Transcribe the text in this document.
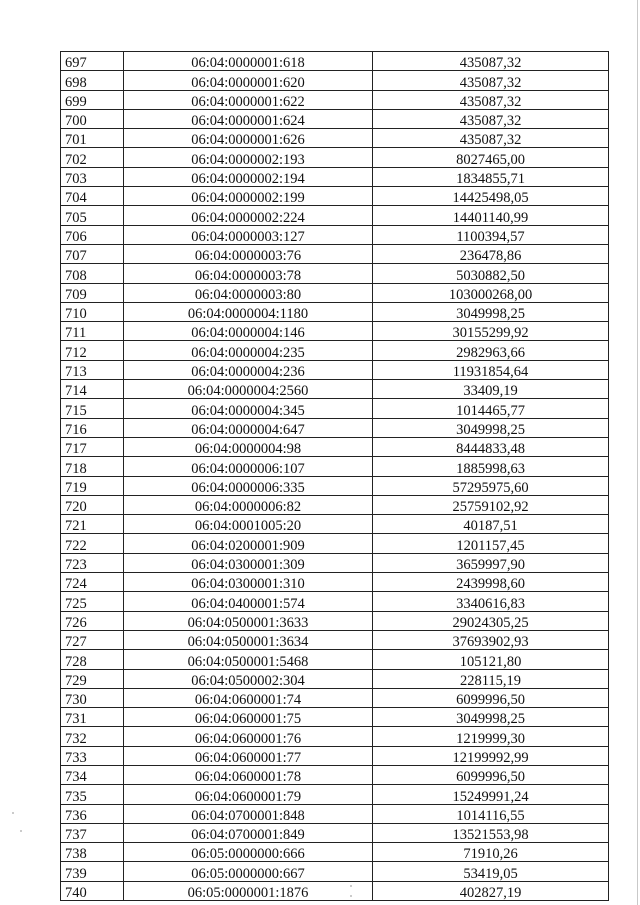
697	06:04:0000001:618	435087,32
698	06:04:0000001:620	435087,32
699	06:04:0000001:622	435087,32
700	06:04:0000001:624	435087,32
701	06:04:0000001:626	435087,32
702	06:04:0000002:193	8027465,00
703	06:04:0000002:194	1834855,71
704	06:04:0000002:199	14425498,05
705	06:04:0000002:224	14401140,99
706	06:04:0000003:127	1100394,57
707	06:04:0000003:76	236478,86
708	06:04:0000003:78	5030882,50
709	06:04:0000003:80	103000268,00
710	06:04:0000004:1180	3049998,25
711	06:04:0000004:146	30155299,92
712	06:04:0000004:235	2982963,66
713	06:04:0000004:236	11931854,64
714	06:04:0000004:2560	33409,19
715	06:04:0000004:345	1014465,77
716	06:04:0000004:647	3049998,25
717	06:04:0000004:98	8444833,48
718	06:04:0000006:107	1885998,63
719	06:04:0000006:335	57295975,60
720	06:04:0000006:82	25759102,92
721	06:04:0001005:20	40187,51
722	06:04:0200001:909	1201157,45
723	06:04:0300001:309	3659997,90
724	06:04:0300001:310	2439998,60
725	06:04:0400001:574	3340616,83
726	06:04:0500001:3633	29024305,25
727	06:04:0500001:3634	37693902,93
728	06:04:0500001:5468	105121,80
729	06:04:0500002:304	228115,19
730	06:04:0600001:74	6099996,50
731	06:04:0600001:75	3049998,25
732	06:04:0600001:76	1219999,30
733	06:04:0600001:77	12199992,99
734	06:04:0600001:78	6099996,50
735	06:04:0600001:79	15249991,24
736	06:04:0700001:848	1014116,55
737	06:04:0700001:849	13521553,98
738	06:05:0000000:666	71910,26
739	06:05:0000000:667	53419,05
740	06:05:0000001:1876	402827,19
